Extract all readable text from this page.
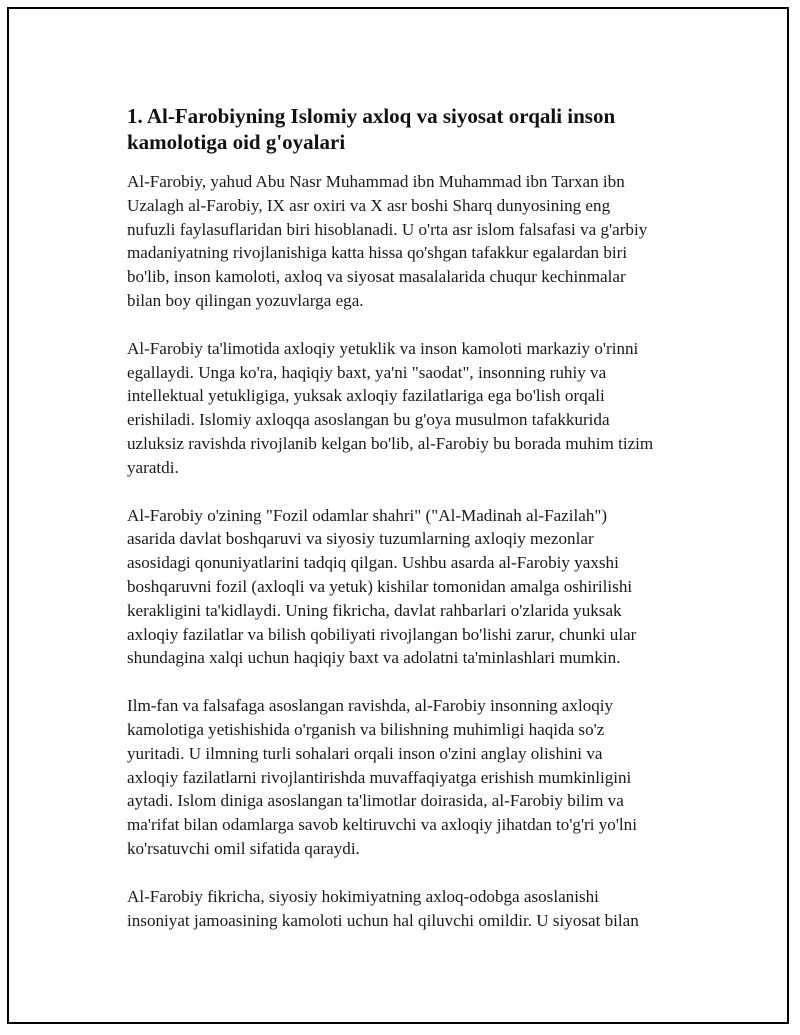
1. Al-Farobiyning Islomiy axloq va siyosat orqali inson
kamolotiga oid g'oyalari

Al-Farobiy, yahud Abu Nasr Muhammad ibn Muhammad ibn Tarxan ibn
Uzalagh al-Farobiy, IX asr oxiri va X asr boshi Sharq dunyosining eng
nufuzli faylasuflaridan biri hisoblanadi. U o'rta asr islom falsafasi va g'arbiy
madaniyatning rivojlanishiga katta hissa qo'shgan tafakkur egalardan biri
bo'lib, inson kamoloti, axloq va siyosat masalalarida chuqur kechinmalar
bilan boy qilingan yozuvlarga ega.

Al-Farobiy ta'limotida axloqiy yetuklik va inson kamoloti markaziy o'rinni
egallaydi. Unga ko'ra, haqiqiy baxt, ya'ni "saodat", insonning ruhiy va
intellektual yetukligiga, yuksak axloqiy fazilatlariga ega bo'lish orqali
erishiladi. Islomiy axloqqa asoslangan bu g'oya musulmon tafakkurida
uzluksiz ravishda rivojlanib kelgan bo'lib, al-Farobiy bu borada muhim tizim
yaratdi.

Al-Farobiy o'zining "Fozil odamlar shahri" ("Al-Madinah al-Fazilah")
asarida davlat boshqaruvi va siyosiy tuzumlarning axloqiy mezonlar
asosidagi qonuniyatlarini tadqiq qilgan. Ushbu asarda al-Farobiy yaxshi
boshqaruvni fozil (axloqli va yetuk) kishilar tomonidan amalga oshirilishi
kerakligini ta'kidlaydi. Uning fikricha, davlat rahbarlari o'zlarida yuksak
axloqiy fazilatlar va bilish qobiliyati rivojlangan bo'lishi zarur, chunki ular
shundagina xalqi uchun haqiqiy baxt va adolatni ta'minlashlari mumkin.

Ilm-fan va falsafaga asoslangan ravishda, al-Farobiy insonning axloqiy
kamolotiga yetishishida o'rganish va bilishning muhimligi haqida so'z
yuritadi. U ilmning turli sohalari orqali inson o'zini anglay olishini va
axloqiy fazilatlarni rivojlantirishda muvaffaqiyatga erishish mumkinligini
aytadi. Islom diniga asoslangan ta'limotlar doirasida, al-Farobiy bilim va
ma'rifat bilan odamlarga savob keltiruvchi va axloqiy jihatdan to'g'ri yo'lni
ko'rsatuvchi omil sifatida qaraydi.

Al-Farobiy fikricha, siyosiy hokimiyatning axloq-odobga asoslanishi
insoniyat jamoasining kamoloti uchun hal qiluvchi omildir. U siyosat bilan
